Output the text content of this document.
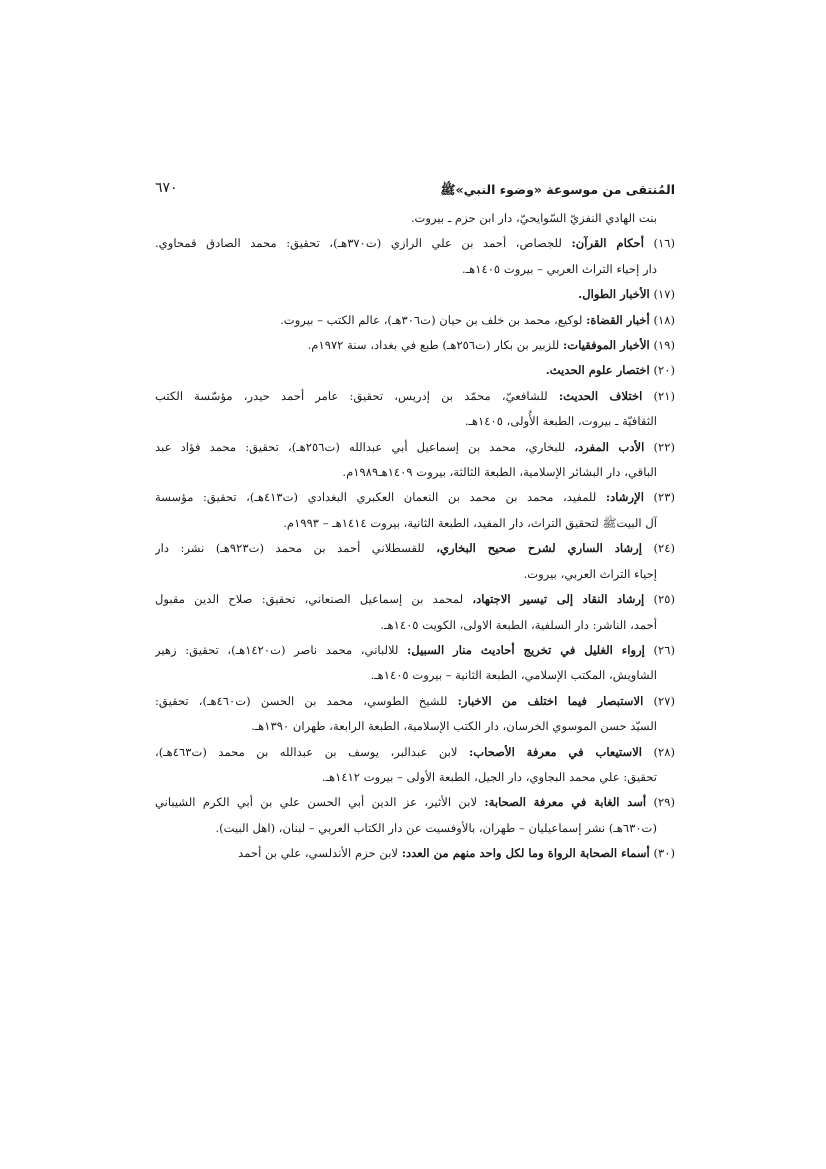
المُنتقى من موسوعة «وضوء النبي»ﷺ
٦٧٠
بنت الهادي النفزيّ السّوايحيّ، دار ابن حزم ـ بيروت.
(١٦) أحكام القرآن: للجصاص، أحمد بن علي الرازي (ت٣٧٠هـ)، تحقيق: محمد الصادق قمحاوي.
دار إحياء التراث العربي – بيروت ١٤٠٥هـ.
(١٧) الأخبار الطوال.
(١٨) أخبار القضاة: لوكيع، محمد بن خلف بن حيان (ت٣٠٦هـ)، عالم الكتب – بيروت.
(١٩) الأخبار الموفقيات: للزبير بن بكار (ت٢٥٦هـ) طبع في بغداد، سنة ١٩٧٢م.
(٢٠) اختصار علوم الحديث.
(٢١) اختلاف الحديث: للشافعيّ، محمّد بن إدريس، تحقيق: عامر أحمد حيدر، مؤسّسة الكتب
الثقافيّة ـ بيروت، الطبعة الأُولى، ١٤٠٥هـ.
(٢٢) الأدب المفرد، للبخاري، محمد بن إسماعيل أبي عبدالله (ت٢٥٦هـ)، تحقيق: محمد فؤاد عبد
الباقي، دار البشائر الإسلامية، الطبعة الثالثة، بيروت ١٤٠٩هـ١٩٨٩م.
(٢٣) الإرشاد: للمفيد، محمد بن محمد بن النعمان العكبري البغدادي (ت٤١٣هـ)، تحقيق: مؤسسة
آل البيتﷺ لتحقيق التراث، دار المفيد، الطبعة الثانية، بيروت ١٤١٤هـ – ١٩٩٣م.
(٢٤) إرشاد الساري لشرح صحيح البخاري، للقسطلاني أحمد بن محمد (ت٩٢٣هـ) نشر: دار
إحياء التراث العربي، بيروت.
(٢٥) إرشاد النقاد إلى تيسير الاجتهاد، لمحمد بن إسماعيل الصنعاني، تحقيق: صلاح الدين مقبول
أحمد، الناشر: دار السلفية، الطبعة الاولى، الكويت ١٤٠٥هـ.
(٢٦) إرواء الغليل في تخريج أحاديث منار السبيل: للالباني، محمد ناصر (ت١٤٢٠هـ)، تحقيق: زهير
الشاويش، المكتب الإسلامي، الطبعة الثانية – بيروت ١٤٠٥هـ.
(٢٧) الاستبصار فيما اختلف من الاخبار: للشيخ الطوسي، محمد بن الحسن (ت٤٦٠هـ)، تحقيق:
السيّد حسن الموسوي الخرسان، دار الكتب الإسلامية، الطبعة الرابعة، طهران ١٣٩٠هـ.
(٢٨) الاستيعاب في معرفة الأصحاب: لابن عبدالبر، يوسف بن عبدالله بن محمد (ت٤٦٣هـ)،
تحقيق: علي محمد البجاوي، دار الجيل، الطبعة الأولى – بيروت ١٤١٢هـ.
(٢٩) أسد الغابة في معرفة الصحابة: لابن الأثير، عز الدين أبي الحسن علي بن أبي الكرم الشيباني
(ت٦٣٠هـ) نشر إسماعيليان – طهران، بالأوفسيت عن دار الكتاب العربي – لبنان، (اهل البيت).
(٣٠) أسماء الصحابة الرواة وما لكل واحد منهم من العدد: لابن حزم الأندلسي، علي بن أحمد
